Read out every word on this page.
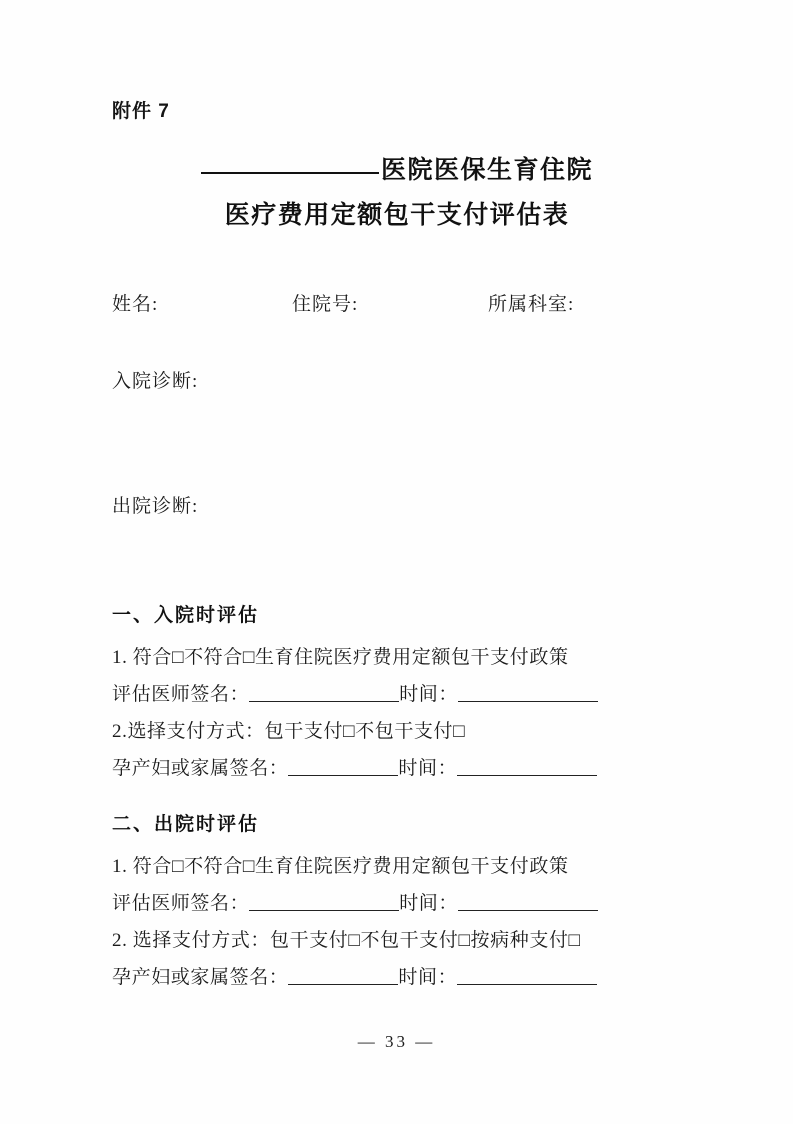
附件 7
医院医保生育住院
医疗费用定额包干支付评估表
姓名:	住院号:	所属科室:
入院诊断:
出院诊断:
一、入院时评估
1. 符合□不符合□生育住院医疗费用定额包干支付政策
评估医师签名：	时间：
2.选择支付方式：包干支付□不包干支付□
孕产妇或家属签名：	时间：
二、出院时评估
1. 符合□不符合□生育住院医疗费用定额包干支付政策
评估医师签名：	时间：
2. 选择支付方式：包干支付□不包干支付□按病种支付□
孕产妇或家属签名：	时间：
— 33 —
